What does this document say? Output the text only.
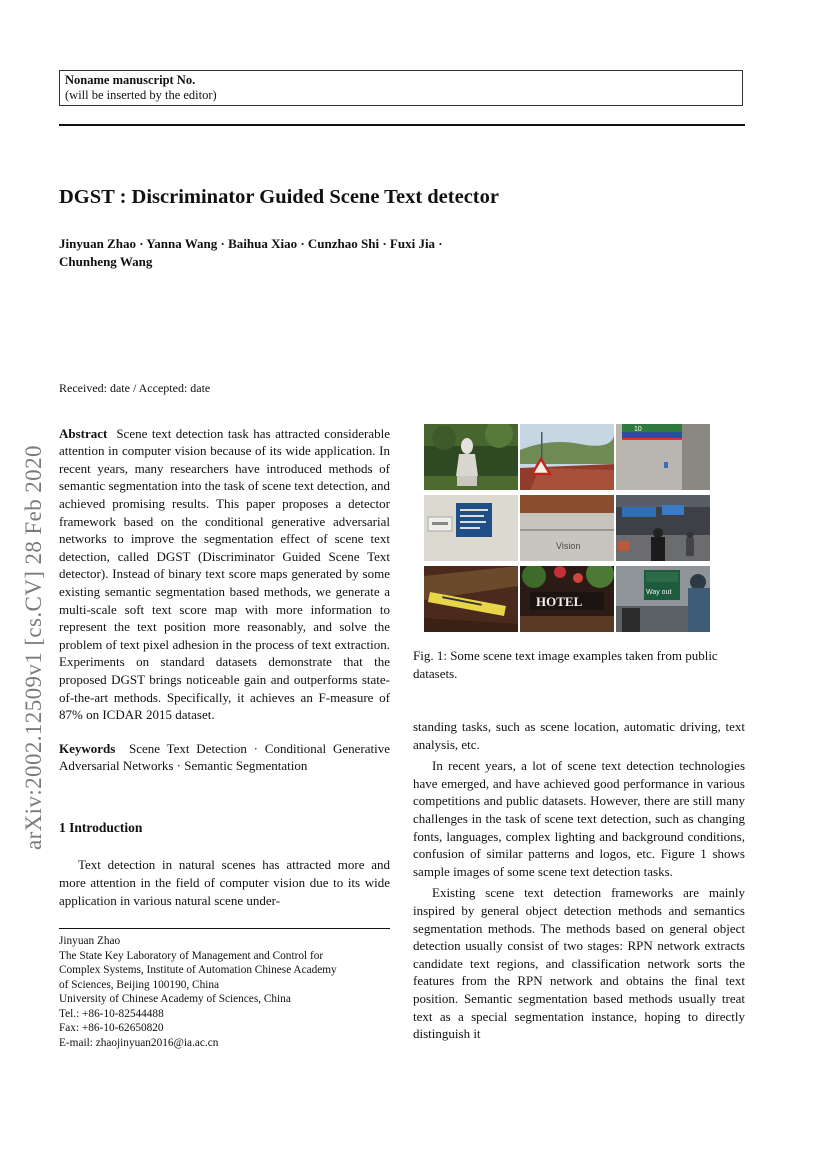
Noname manuscript No.
(will be inserted by the editor)
DGST : Discriminator Guided Scene Text detector
Jinyuan Zhao · Yanna Wang · Baihua Xiao · Cunzhao Shi · Fuxi Jia ·
Chunheng Wang
arXiv:2002.12509v1 [cs.CV] 28 Feb 2020

Received: date / Accepted: date

Abstract Scene text detection task has attracted considerable attention in computer vision because of its wide application. In recent years, many researchers have introduced methods of semantic segmentation into the task of scene text detection, and achieved promising results. This paper proposes a detector framework based on the conditional generative adversarial networks to improve the segmentation effect of scene text detection, called DGST (Discriminator Guided Scene Text detector). Instead of binary text score maps generated by some existing semantic segmentation based methods, we generate a multi-scale soft text score map with more information to represent the text position more reasonably, and solve the problem of text pixel adhesion in the process of text extraction. Experiments on standard datasets demonstrate that the proposed DGST brings noticeable gain and outperforms state-of-the-art methods. Specifically, it achieves an F-measure of 87% on ICDAR 2015 dataset.

Keywords Scene Text Detection · Conditional Generative Adversarial Networks · Semantic Segmentation

1 Introduction

Text detection in natural scenes has attracted more and more attention in the field of computer vision due to its wide application in various natural scene under-

Jinyuan Zhao
The State Key Laboratory of Management and Control for
Complex Systems, Institute of Automation Chinese Academy
of Sciences, Beijing 100190, China
University of Chinese Academy of Sciences, China
Tel.: +86-10-82544488
Fax: +86-10-62650820
E-mail: zhaojinyuan2016@ia.ac.cn
10
Vision
HOTEL
Way out
Fig. 1: Some scene text image examples taken from public datasets.

standing tasks, such as scene location, automatic driving, text analysis, etc.

In recent years, a lot of scene text detection technologies have emerged, and have achieved good performance in various competitions and public datasets. However, there are still many challenges in the task of scene text detection, such as changing fonts, languages, complex lighting and background conditions, confusion of similar patterns and logos, etc. Figure 1 shows sample images of some scene text detection tasks.

Existing scene text detection frameworks are mainly inspired by general object detection methods and semantics segmentation methods. The methods based on general object detection usually consist of two stages: RPN network extracts candidate text regions, and classification network sorts the features from the RPN network and obtains the final text position. Semantic segmentation based methods usually treat text as a special segmentation instance, hoping to directly distinguish it
